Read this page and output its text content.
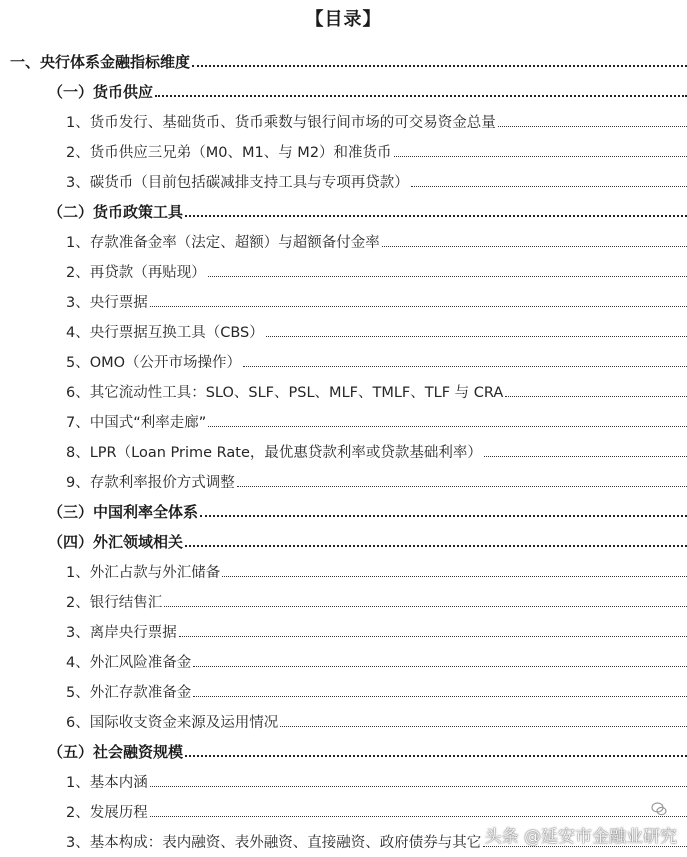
【目录】
一、央行体系金融指标维度
（一）货币供应
1、货币发行、基础货币、货币乘数与银行间市场的可交易资金总量
2、货币供应三兄弟（M0、M1、与 M2）和准货币
3、碳货币（目前包括碳减排支持工具与专项再贷款）
（二）货币政策工具
1、存款准备金率（法定、超额）与超额备付金率
2、再贷款（再贴现）
3、央行票据
4、央行票据互换工具（CBS）
5、OMO（公开市场操作）
6、其它流动性工具：SLO、SLF、PSL、MLF、TMLF、TLF 与 CRA
7、中国式“利率走廊”
8、LPR（Loan Prime Rate，最优惠贷款利率或贷款基础利率）
9、存款利率报价方式调整
（三）中国利率全体系
（四）外汇领域相关
1、外汇占款与外汇储备
2、银行结售汇
3、离岸央行票据
4、外汇风险准备金
5、外汇存款准备金
6、国际收支资金来源及运用情况
（五）社会融资规模
1、基本内涵
2、发展历程
3、基本构成：表内融资、表外融资、直接融资、政府债券与其它 头条 @延安市金融业研究
